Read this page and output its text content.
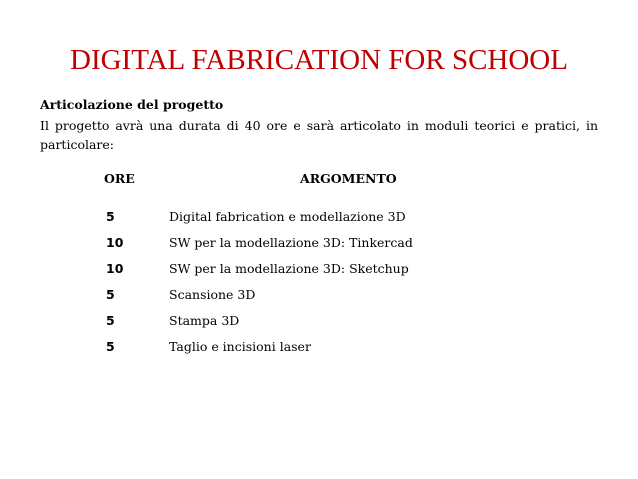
DIGITAL FABRICATION FOR SCHOOL
Articolazione del progetto
Il progetto avrà una durata di 40 ore e sarà articolato in moduli teorici e pratici, in particolare:
ORE	ARGOMENTO
5	Digital fabrication e modellazione 3D
10	SW per la modellazione 3D: Tinkercad
10	SW per la modellazione 3D: Sketchup
5	Scansione 3D
5	Stampa 3D
5	Taglio e incisioni laser
